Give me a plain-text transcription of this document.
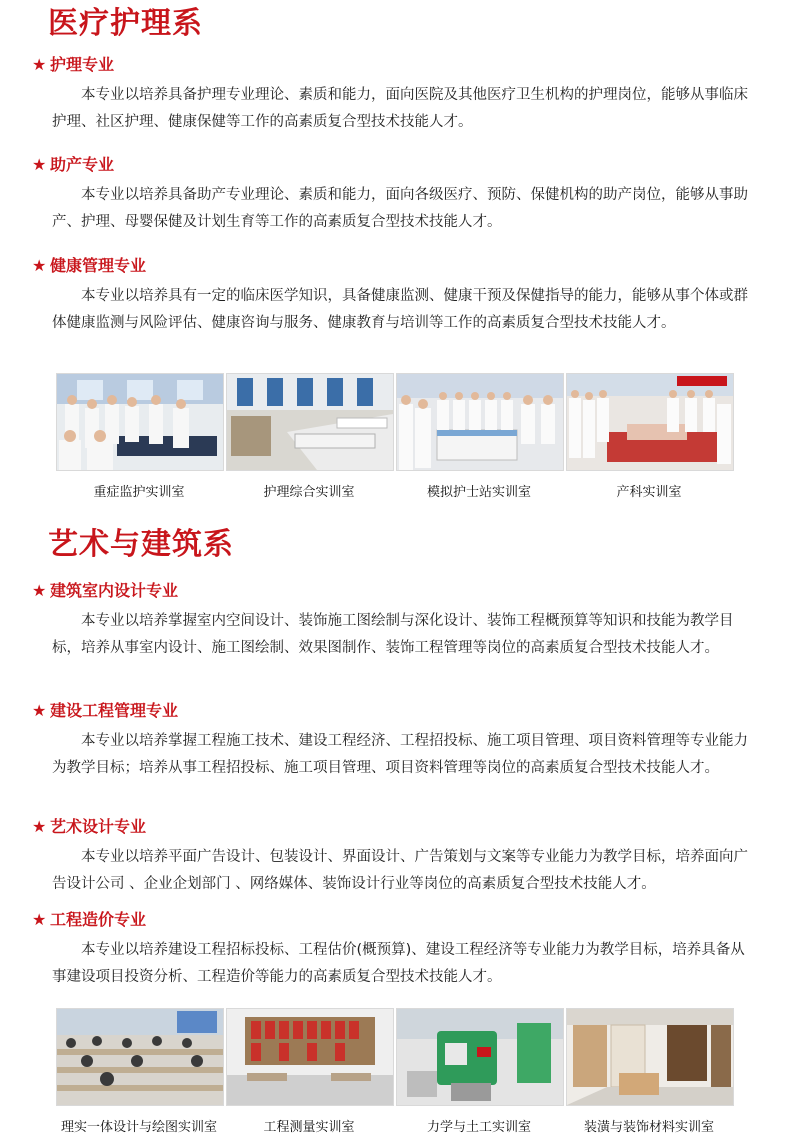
医疗护理系
★ 护理专业
本专业以培养具备护理专业理论、素质和能力，面向医院及其他医疗卫生机构的护理岗位，能够从事临床护理、社区护理、健康保健等工作的高素质复合型技术技能人才。
★ 助产专业
本专业以培养具备助产专业理论、素质和能力，面向各级医疗、预防、保健机构的助产岗位，能够从事助产、护理、母婴保健及计划生育等工作的高素质复合型技术技能人才。
★ 健康管理专业
本专业以培养具有一定的临床医学知识，具备健康监测、健康干预及保健指导的能力，能够从事个体或群体健康监测与风险评估、健康咨询与服务、健康教育与培训等工作的高素质复合型技术技能人才。
重症监护实训室	护理综合实训室	模拟护士站实训室	产科实训室
艺术与建筑系
★ 建筑室内设计专业
本专业以培养掌握室内空间设计、装饰施工图绘制与深化设计、装饰工程概预算等知识和技能为教学目标，培养从事室内设计、施工图绘制、效果图制作、装饰工程管理等岗位的高素质复合型技术技能人才。
★ 建设工程管理专业
本专业以培养掌握工程施工技术、建设工程经济、工程招投标、施工项目管理、项目资料管理等专业能力为教学目标；培养从事工程招投标、施工项目管理、项目资料管理等岗位的高素质复合型技术技能人才。
★ 艺术设计专业
本专业以培养平面广告设计、包装设计、界面设计、广告策划与文案等专业能力为教学目标，培养面向广告设计公司 、企业企划部门 、网络媒体、装饰设计行业等岗位的高素质复合型技术技能人才。
★ 工程造价专业
本专业以培养建设工程招标投标、工程估价(概预算)、建设工程经济等专业能力为教学目标，培养具备从事建设项目投资分析、工程造价等能力的高素质复合型技术技能人才。
理实一体设计与绘图实训室	工程测量实训室	力学与土工实训室	装潢与装饰材料实训室
